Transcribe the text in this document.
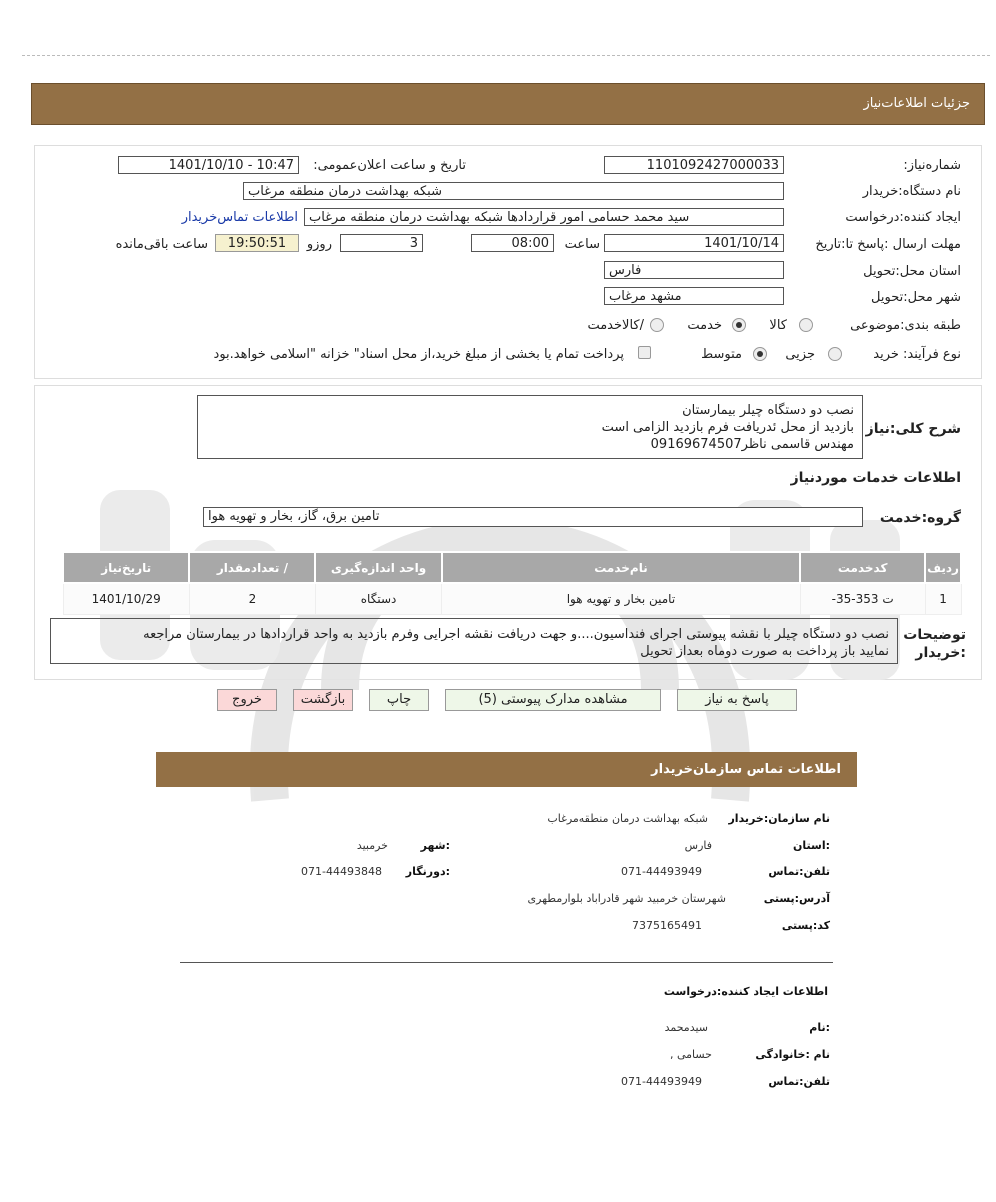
جزئیات اطلاعات‌نیاز
شماره‌نیاز:
1101092427000033
تاریخ و ساعت اعلان‌عمومی:
1401/10/10 - 10:47
نام دستگاه:خریدار
شبکه بهداشت درمان منطقه مرغاب
ایجاد کننده:درخواست
سید محمد حسامی امور قراردادها شبکه بهداشت درمان منطقه مرغاب
اطلاعات تماس‌خریدار
مهلت ارسال :پاسخ تا:تاریخ
1401/10/14
ساعت
08:00
3
روزو
19:50:51
ساعت باقی‌مانده
استان محل:تحویل
فارس
شهر محل:تحویل
مشهد مرغاب
طبقه بندی:موضوعی
کالا
خدمت
/کالاخدمت
نوع فرآیند: خرید
جزیی
متوسط
پرداخت تمام یا بخشی از مبلغ خرید،از محل اسناد" خزانه "اسلامی خواهد.بود
شرح کلی:نیاز
نصب دو دستگاه چیلر بیمارستان
بازدید از محل ئدریافت فرم بازدید الزامی است
مهندس قاسمی ناظر09169674507
اطلاعات خدمات موردنیاز
گروه:خدمت
تامین برق، گاز، بخار و تهویه هوا
ردیف	کدخدمت	نام‌خدمت	واحد اندازه‌گیری	/ تعدادمقدار	تاریخ‌نیاز
1	ت 353-35-	تامین بخار و تهویه هوا	دستگاه	2	1401/10/29
توضیحات
:خریدار
نصب دو دستگاه چیلر با نقشه پیوستی اجرای فنداسیون....و جهت دریافت نقشه اجرایی وفرم بازدید به واحد قراردادها در بیمارستان مراجعه
نمایید باز پرداخت به صورت دوماه بعداز تحویل
پاسخ به نیاز
مشاهده مدارک پیوستی (5)
چاپ
بازگشت
خروج
اطلاعات تماس سازمان‌خریدار
نام سازمان:خریدار
شبکه بهداشت درمان منطقه‌مرغاب
:استان
فارس
:شهر
خرمبید
تلفن:تماس
071-44493949
:دورنگار
071-44493848
آدرس:پستی
شهرستان خرمبید شهر قادراباد بلوارمطهری
کد:پستی
7375165491
اطلاعات ایجاد کننده:درخواست
:نام
سیدمحمد
نام :خانوادگی
حسامی ,
تلفن:تماس
071-44493949
